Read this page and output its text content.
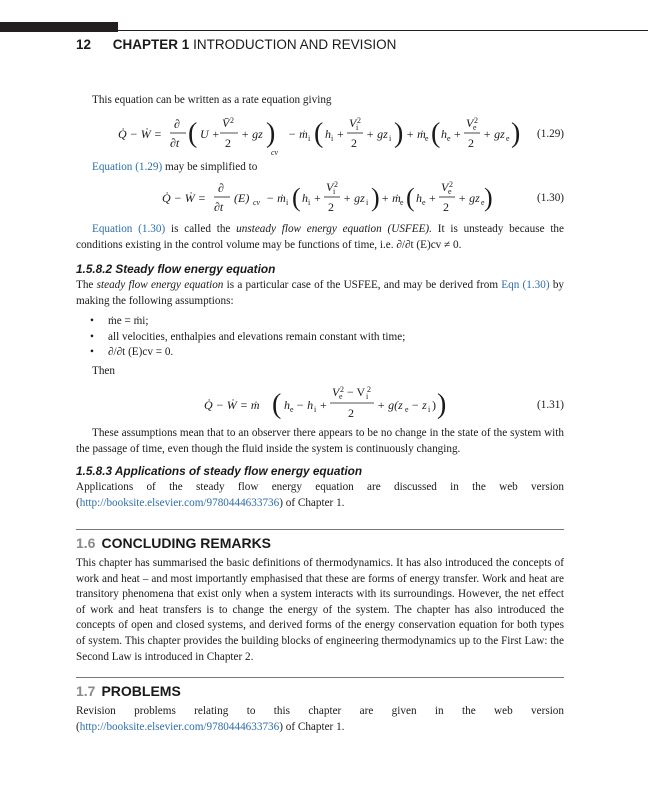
12 CHAPTER 1 INTRODUCTION AND REVISION
This equation can be written as a rate equation giving
Q̇ − Ẇ =
∂
∂t ( U +
V̄ 2
2
+ gz )
cv
− ṁ i ( h i +
V 2
i
2
+ gz i ) + ṁ e ( h e +
V 2
e
2
+ gz e ) (1.29)
Equation (1.29) may be simplified to
Q̇ − Ẇ =
∂
∂t
(E) cv − ṁ i ( h i +
V 2
i
2
+ gz i ) + ṁ e ( h e +
V 2
e
2
+ gz e )	(1.30)
Equation (1.30) is called the unsteady flow energy equation (USFEE). It is unsteady because the conditions existing in the control volume may be functions of time, i.e. ∂/∂t (E)cv ≠ 0.
1.5.8.2 Steady flow energy equation
The steady flow energy equation is a particular case of the USFEE, and may be derived from Eqn (1.30) by making the following assumptions:
• ṁe = ṁi;
• all velocities, enthalpies and elevations remain constant with time;
• ∂/∂t (E)cv = 0.
Then
Q̇ − Ẇ = ṁ ( h e − h i +
V 2
e − V 2
i
2
+ g(z e − z i ) )	(1.31)
These assumptions mean that to an observer there appears to be no change in the state of the system with the passage of time, even though the fluid inside the system is continuously changing.
1.5.8.3 Applications of steady flow energy equation
Applications of the steady flow energy equation are discussed in the web version (http://booksite.elsevier.com/9780444633736) of Chapter 1.
1.6 CONCLUDING REMARKS
This chapter has summarised the basic definitions of thermodynamics. It has also introduced the concepts of work and heat – and most importantly emphasised that these are forms of energy transfer. Work and heat are transitory phenomena that exist only when a system interacts with its surroundings. However, the net effect of work and heat transfers is to change the energy of the system. The chapter has also introduced the concepts of open and closed systems, and derived forms of the energy conservation equation for both types of system. This chapter provides the building blocks of engineering thermodynamics up to the First Law: the Second Law is introduced in Chapter 2.
1.7 PROBLEMS
Revision problems relating to this chapter are given in the web version (http://booksite.elsevier.com/9780444633736) of Chapter 1.
